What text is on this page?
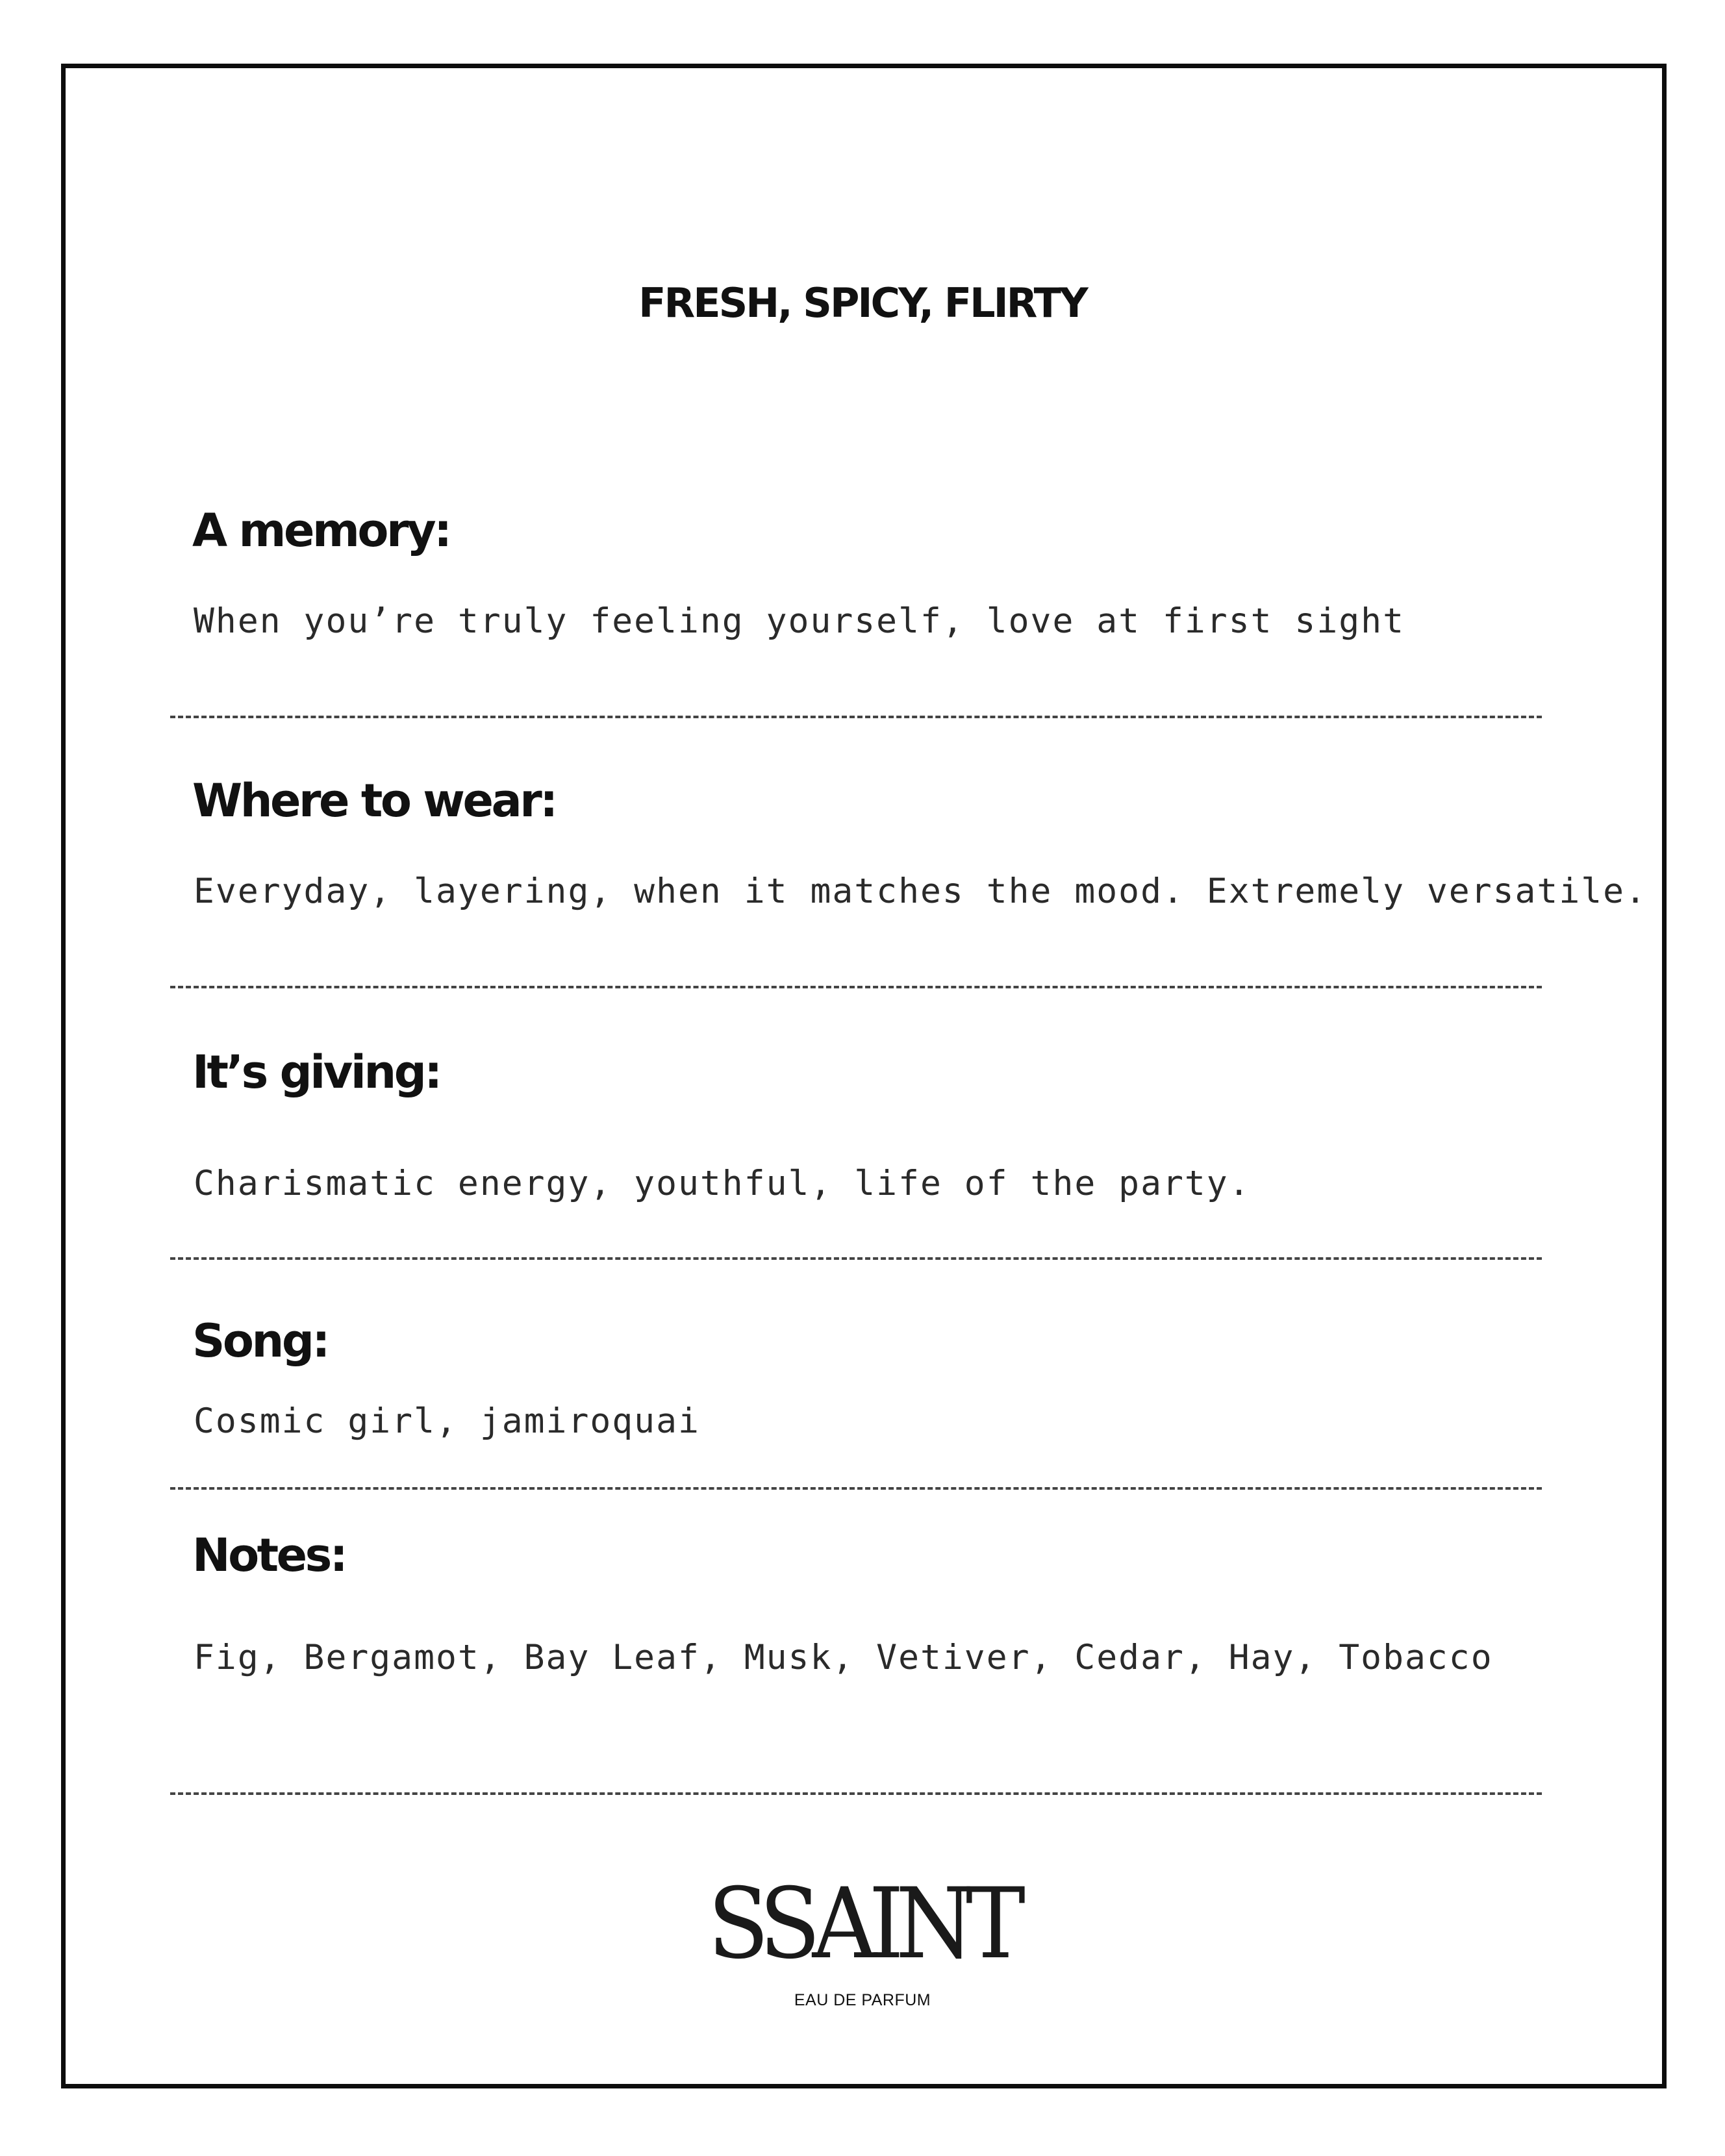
FRESH, SPICY, FLIRTY
A memory:
When you’re truly feeling yourself, love at first sight
Where to wear:
Everyday, layering, when it matches the mood. Extremely versatile.
It’s giving:
Charismatic energy, youthful, life of the party.
Song:
Cosmic girl, jamiroquai
Notes:
Fig, Bergamot, Bay Leaf, Musk, Vetiver, Cedar, Hay, Tobacco
SSAINT
EAU DE PARFUM
